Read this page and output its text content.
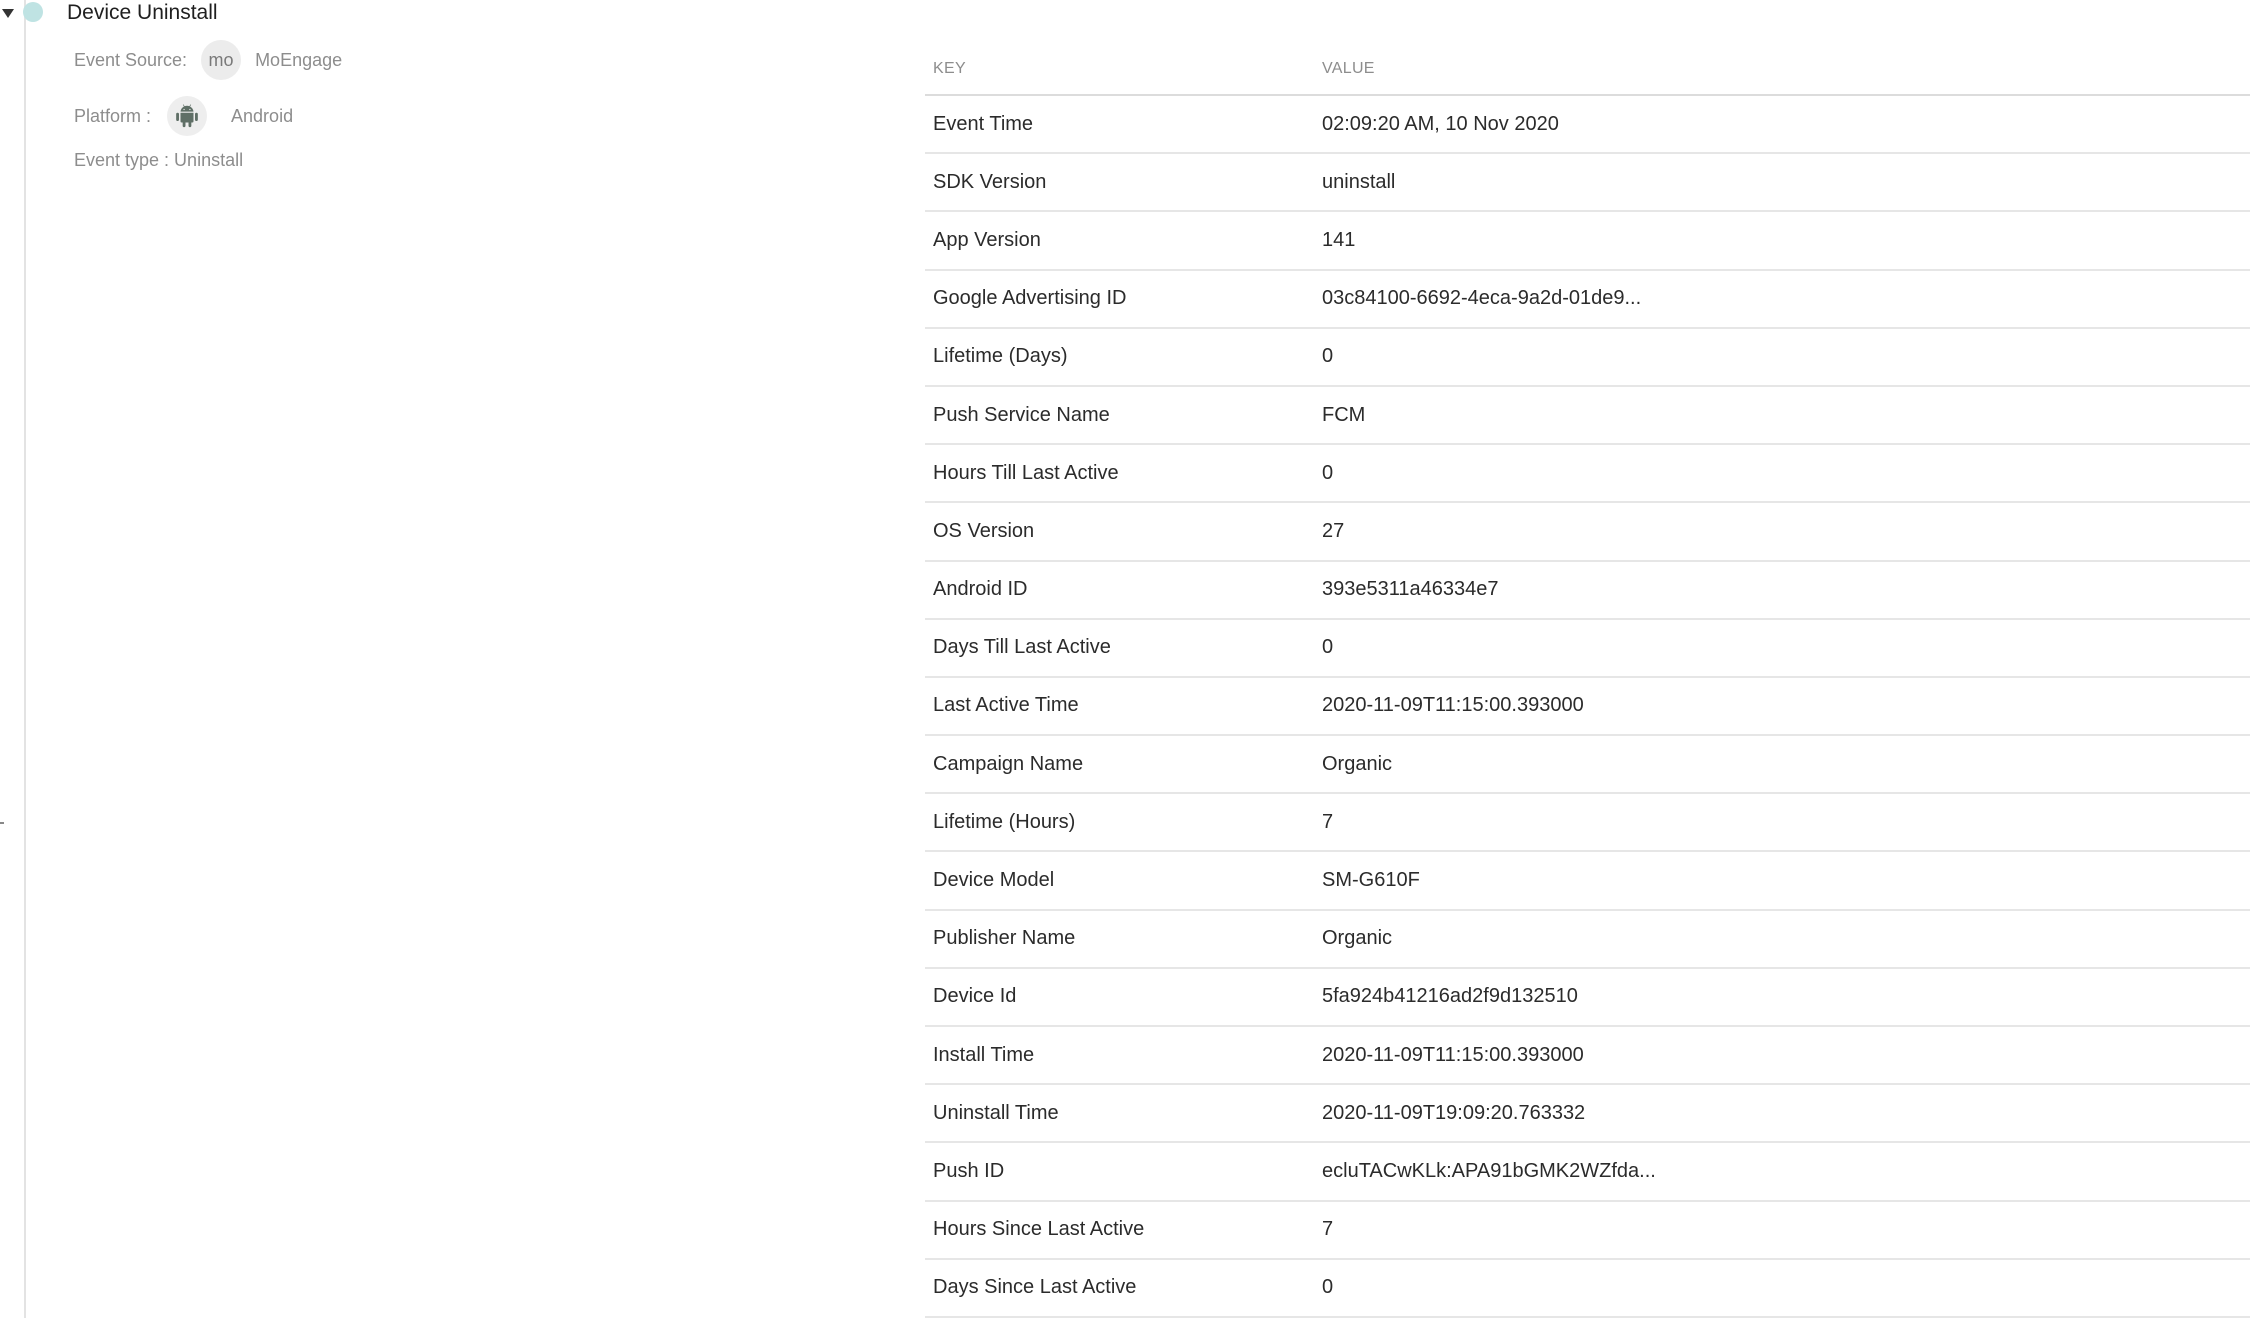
Device Uninstall
Event Source:	mo	MoEngage
Platform :	Android
Event type : Uninstall
KEY	VALUE
Event Time	02:09:20 AM, 10 Nov 2020
SDK Version	uninstall
App Version	141
Google Advertising ID	03c84100-6692-4eca-9a2d-01de9...
Lifetime (Days)	0
Push Service Name	FCM
Hours Till Last Active	0
OS Version	27
Android ID	393e5311a46334e7
Days Till Last Active	0
Last Active Time	2020-11-09T11:15:00.393000
Campaign Name	Organic
Lifetime (Hours)	7
Device Model	SM-G610F
Publisher Name	Organic
Device Id	5fa924b41216ad2f9d132510
Install Time	2020-11-09T11:15:00.393000
Uninstall Time	2020-11-09T19:09:20.763332
Push ID	ecluTACwKLk:APA91bGMK2WZfda...
Hours Since Last Active	7
Days Since Last Active	0
